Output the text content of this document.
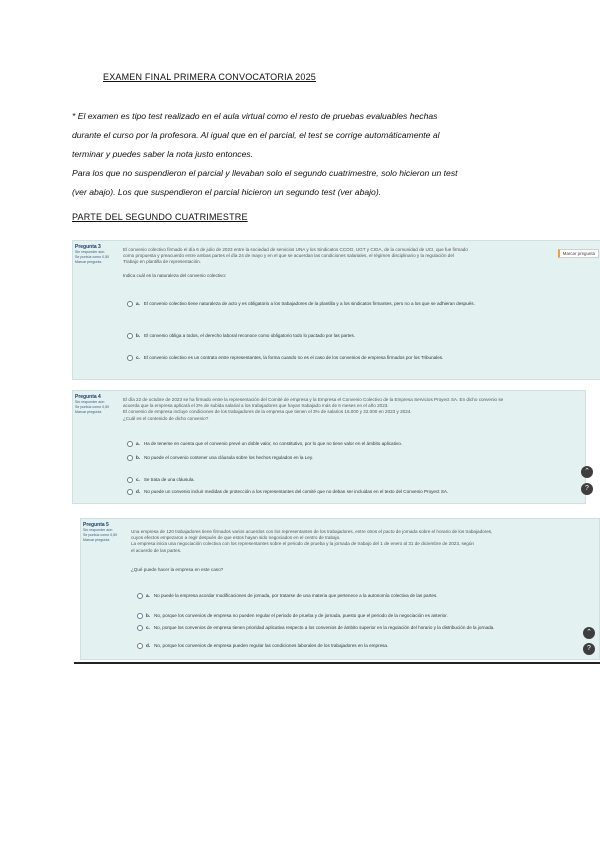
EXAMEN FINAL PRIMERA CONVOCATORIA 2025

* El examen es tipo test realizado en el aula virtual como el resto de pruebas evaluables hechas

durante el curso por la profesora. Al igual que en el parcial, el test se corrige automáticamente al

terminar y puedes saber la nota justo entonces.

Para los que no suspendieron el parcial y llevaban solo el segundo cuatrimestre, solo hicieron un test

(ver abajo). Los que suspendieron el parcial hicieron un segundo test (ver abajo).

PARTE DEL SEGUNDO CUATRIMESTRE
Pregunta 3
Sin responder aún
Se puntúa como 0,50
Marcar pregunta
El convenio colectivo firmado el día 6 de julio de 2023 entre la sociedad de servicios UNA y los Sindicatos CCOO, UGT y CIGA, de la comunidad de UCI, que fue firmado
como propuesta y preacuerdo entre ambas partes el día 24 de mayo y en el que se acuerdan las condiciones salariales, el régimen disciplinario y la regulación del
Trabajo en plantilla de representación.
Marcar pregunta
Indica cuál es la naturaleza del convenio colectivo:
a. El convenio colectivo tiene naturaleza de acto y es obligatorio a los trabajadores de la plantilla y a los sindicatos firmantes, pero no a los que se adhieran después.
b. El convenio obliga a todos, el derecho laboral reconoce como obligatorio todo lo pactado por las partes.
c. El convenio colectivo es un contrato entre representantes, la forma cuando no es el caso de los convenios de empresa firmados por los Tribunales.
Pregunta 4
Sin responder aún
Se puntúa como 0,50
Marcar pregunta
El día 22 de octubre de 2023 se ha firmado entre la representación del Comité de empresa y la Empresa el Convenio Colectivo de la Empresa Servicios Proyect SA. En dicho convenio se
acuerda que la empresa aplicará el 3% de subida salarial a los trabajadores que hayan trabajado más de 6 meses en el año 2023.
El convenio de empresa incluye condiciones de los trabajadores de la empresa que tienen el 3% de salarios 16.000 y 32.000 en 2023 y 2024.
¿Cuál es el contenido de dicho convenio?
a. Ha de tenerse en cuenta que el convenio prevé un doble valor, no constitutivo, por lo que no tiene valor en el ámbito aplicativo.
b. No puede el convenio contener una cláusula sobre los hechos regulados en la Ley.
c. Se trata de una cláusula.
d. No puede un convenio incluir medidas de protección a los representantes del comité que no deban ser incluidas en el texto del Convenio Proyect SA.
⌃
?
Pregunta 5
Sin responder aún
Se puntúa como 0,50
Marcar pregunta
Una empresa de 120 trabajadores tiene firmados varios acuerdos con los representantes de los trabajadores, entre otros el pacto de jornada sobre el horario de los trabajadores,
cuyos efectos empezaron a regir después de que estos hayan sido negociados en el centro de trabajo.
La empresa inicia una negociación colectiva con los representantes sobre el periodo de prueba y la jornada de trabajo del 1 de enero al 31 de diciembre de 2023, según
el acuerdo de las partes.
¿Qué puede hacer la empresa en este caso?
a. No puede la empresa acordar modificaciones de jornada, por tratarse de una materia que pertenece a la autonomía colectiva de las partes.
b. No, porque los convenios de empresa no pueden regular el periodo de prueba y de jornada, puesto que el periodo de la negociación es anterior.
c. No, porque los convenios de empresa tienen prioridad aplicativa respecto a los convenios de ámbito superior en la regulación del horario y la distribución de la jornada.
d. No, porque los convenios de empresa pueden regular las condiciones laborales de los trabajadores en la empresa.
⌃
?
